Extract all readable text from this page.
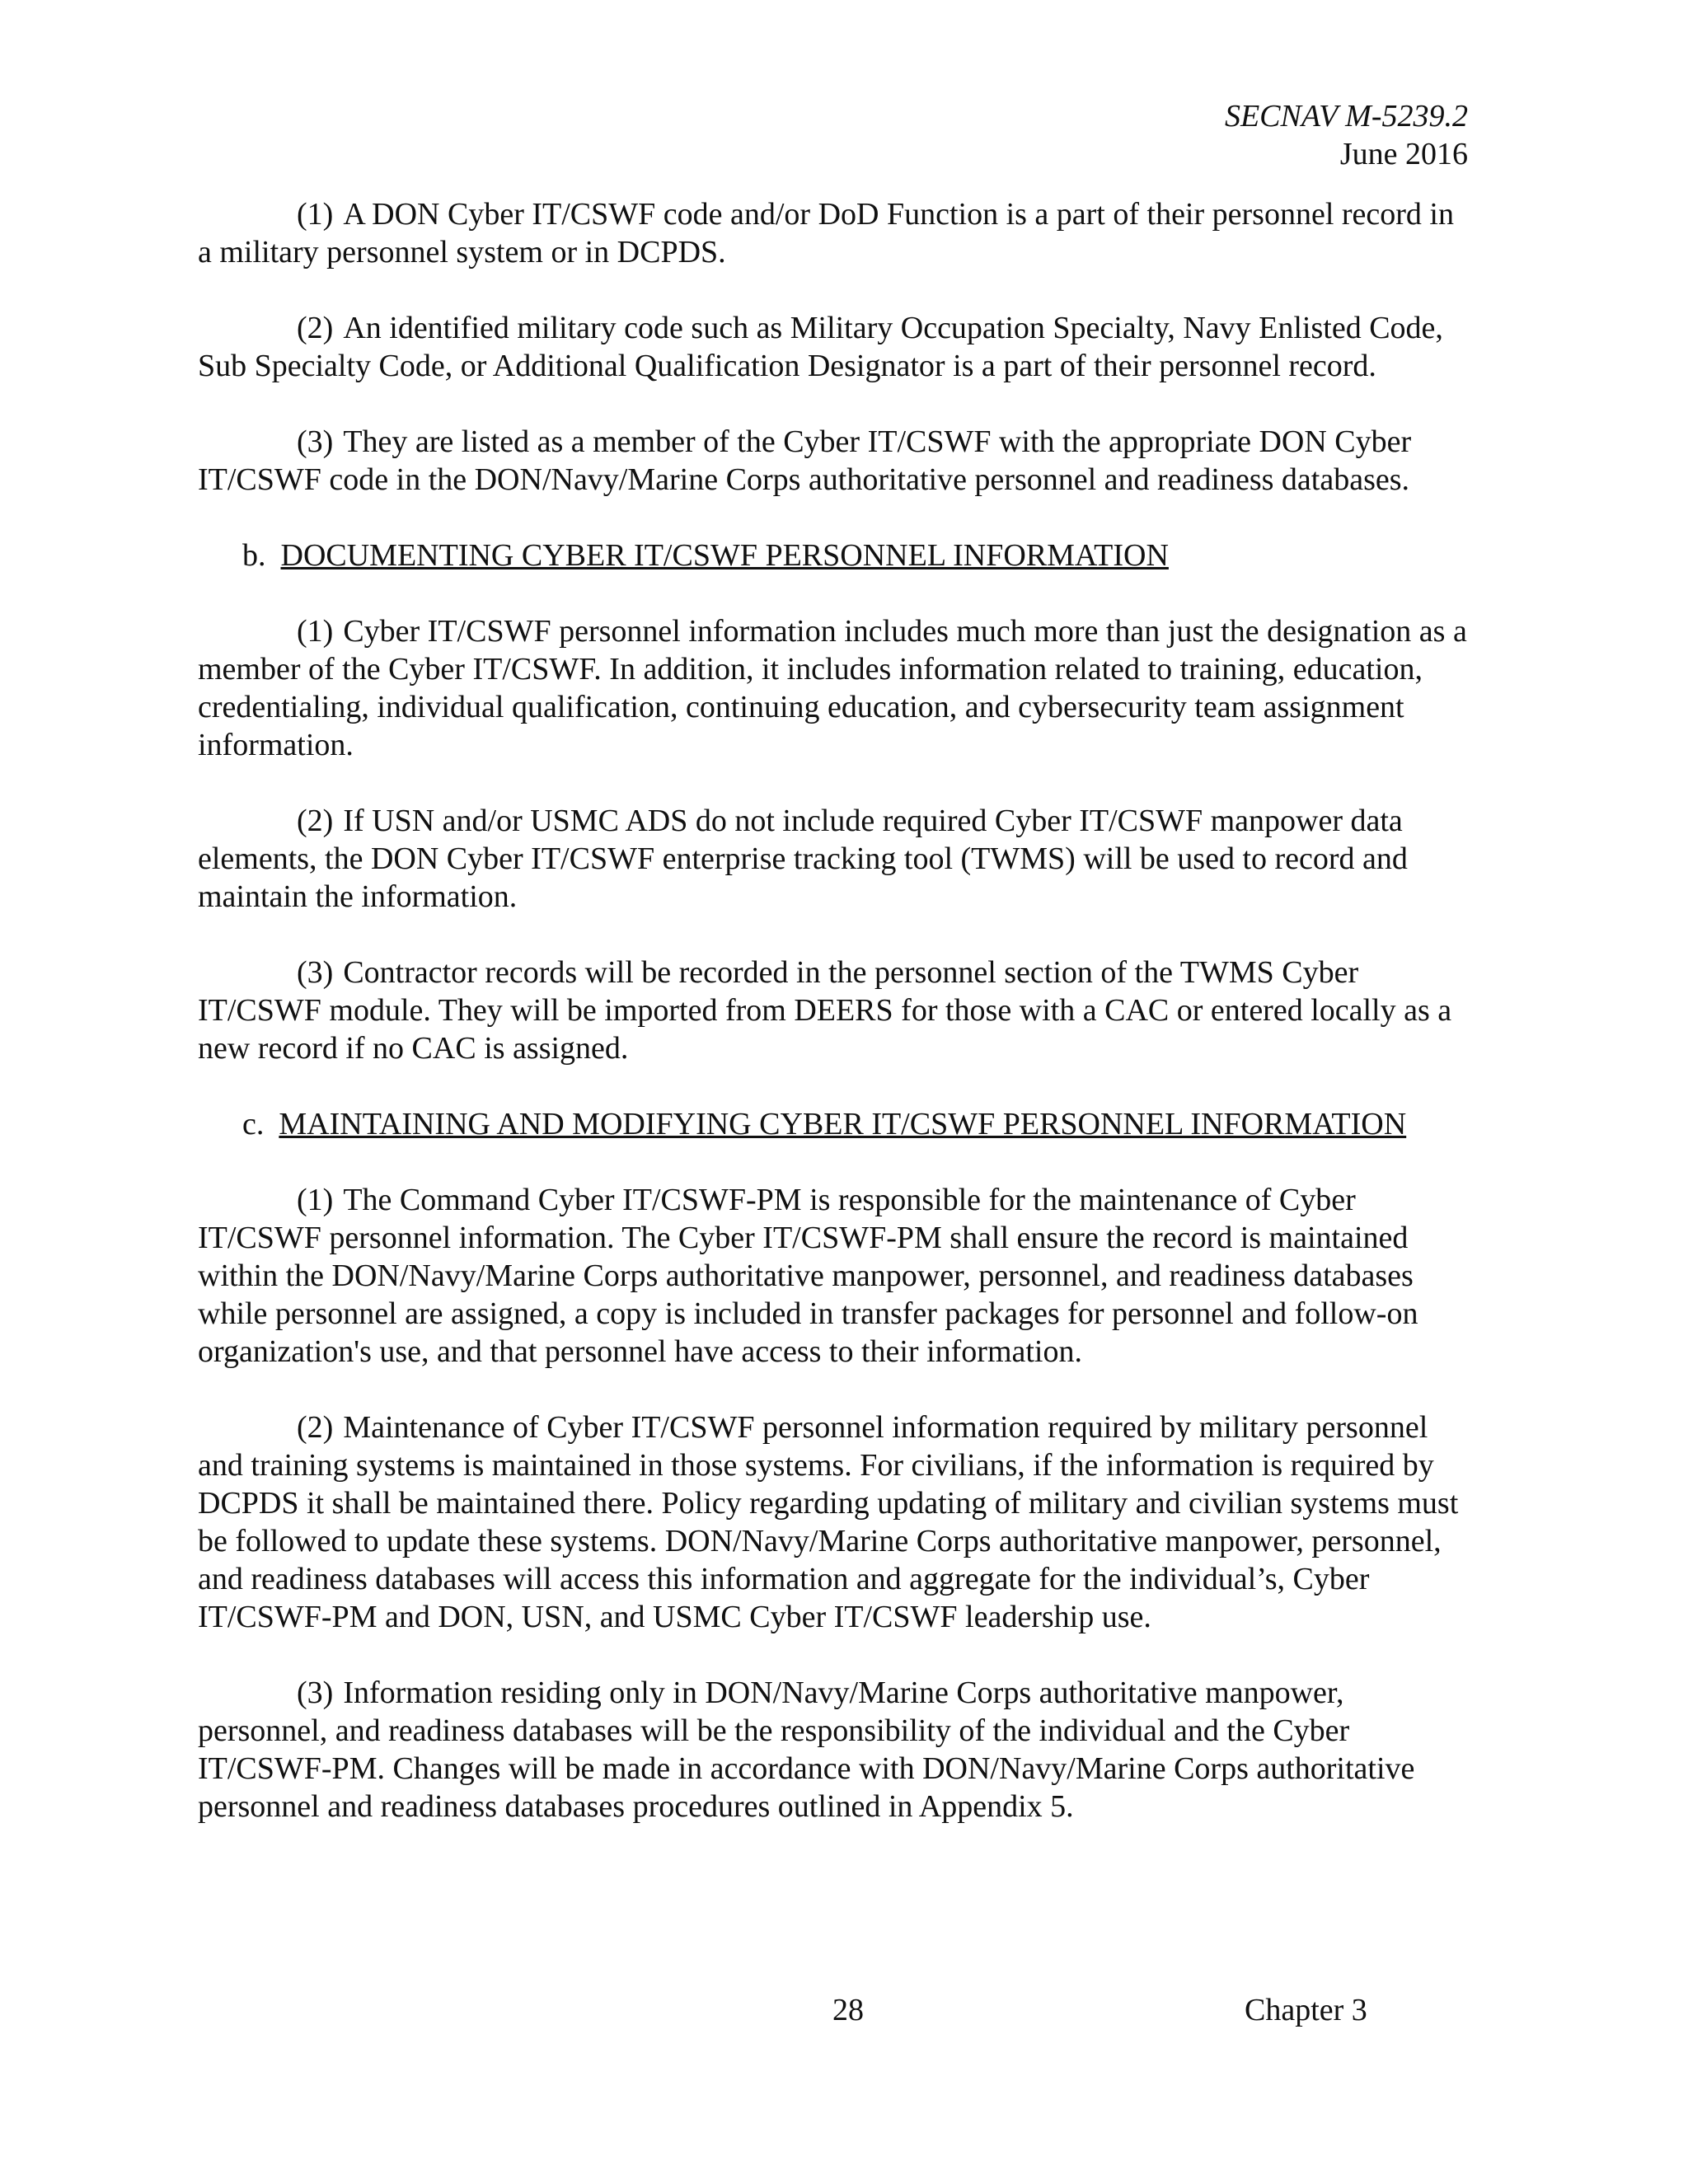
SECNAV M-5239.2
June 2016

(1) A DON Cyber IT/CSWF code and/or DoD Function is a part of their personnel record in a military personnel system or in DCPDS.

(2) An identified military code such as Military Occupation Specialty, Navy Enlisted Code, Sub Specialty Code, or Additional Qualification Designator is a part of their personnel record.

(3) They are listed as a member of the Cyber IT/CSWF with the appropriate DON Cyber IT/CSWF code in the DON/Navy/Marine Corps authoritative personnel and readiness databases.

b. DOCUMENTING CYBER IT/CSWF PERSONNEL INFORMATION

(1) Cyber IT/CSWF personnel information includes much more than just the designation as a member of the Cyber IT/CSWF. In addition, it includes information related to training, education, credentialing, individual qualification, continuing education, and cybersecurity team assignment information.

(2) If USN and/or USMC ADS do not include required Cyber IT/CSWF manpower data elements, the DON Cyber IT/CSWF enterprise tracking tool (TWMS) will be used to record and maintain the information.

(3) Contractor records will be recorded in the personnel section of the TWMS Cyber IT/CSWF module. They will be imported from DEERS for those with a CAC or entered locally as a new record if no CAC is assigned.

c. MAINTAINING AND MODIFYING CYBER IT/CSWF PERSONNEL INFORMATION

(1) The Command Cyber IT/CSWF-PM is responsible for the maintenance of Cyber IT/CSWF personnel information. The Cyber IT/CSWF-PM shall ensure the record is maintained within the DON/Navy/Marine Corps authoritative manpower, personnel, and readiness databases while personnel are assigned, a copy is included in transfer packages for personnel and follow-on organization's use, and that personnel have access to their information.

(2) Maintenance of Cyber IT/CSWF personnel information required by military personnel and training systems is maintained in those systems. For civilians, if the information is required by DCPDS it shall be maintained there. Policy regarding updating of military and civilian systems must be followed to update these systems. DON/Navy/Marine Corps authoritative manpower, personnel, and readiness databases will access this information and aggregate for the individual’s, Cyber IT/CSWF-PM and DON, USN, and USMC Cyber IT/CSWF leadership use.

(3) Information residing only in DON/Navy/Marine Corps authoritative manpower, personnel, and readiness databases will be the responsibility of the individual and the Cyber IT/CSWF-PM. Changes will be made in accordance with DON/Navy/Marine Corps authoritative personnel and readiness databases procedures outlined in Appendix 5.

28	Chapter 3
